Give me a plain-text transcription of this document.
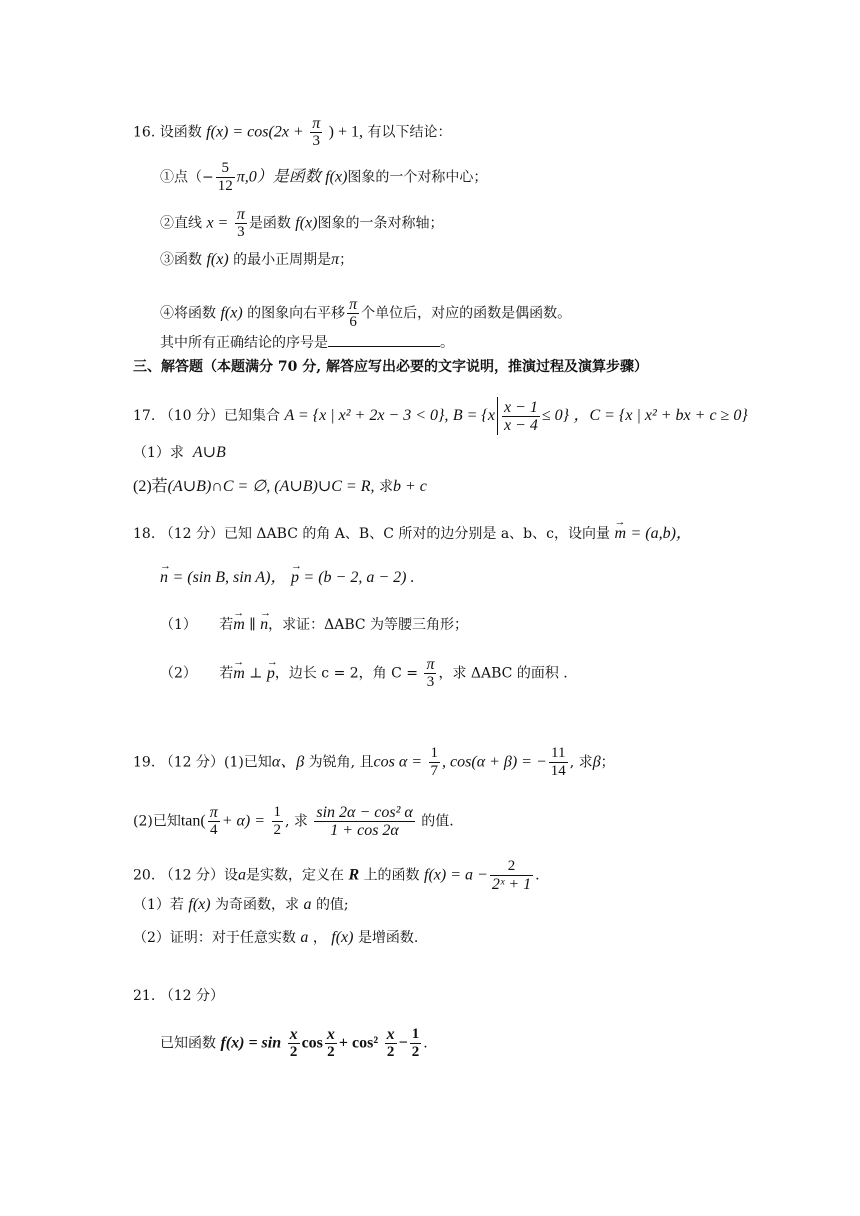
16. 设函数 $f(x) = \cos(2x + \frac{\pi}{3}$ ) + 1, 有以下结论：
①点（− $\frac{5}{12} \pi,0$）是函数 f(x)图象的一个对称中心；
②直线 $x = \frac{\pi}{3}$ 是函数 f(x)图象的一条对称轴；
③函数 f(x) 的最小正周期是π；
④将函数 f(x) 的图象向右平移 $\frac{\pi}{6}$ 个单位后，对应的函数是偶函数。
其中所有正确结论的序号是	。
三、解答题（本题满分 70 分, 解答应写出必要的文字说明，推演过程及演算步骤）
17. （10 分）已知集合 A = {x | x² + 2x − 3 < 0}, $B = \{x \frac{x - 1}{x - 4} \le 0\}$ ，C = {x | x² + bx + c ≥ 0}
（1）求 A∪B
(2)若(A∪B)∩C = ∅, (A∪B)∪C = R, 求b + c
18. （12 分）已知 ΔABC 的角 A、B、C 所对的边分别是 a、b、c，设向量 → m = (a,b)，
→ n = (sin B, sin A)， → p = (b − 2, a − 2) .
（1） 若→ m ∥ → n，求证：ΔABC 为等腰三角形；
（2） 若→ m ⊥ → p，边长 c = 2，角 $C = \frac{\pi}{3}$ ，求 ΔABC 的面积 .
19. （12 分）(1)已知α、β 为锐角, 且$\cos \alpha = \frac{1}{7}$ , cos(α + β) = − $\frac{11}{14}$ , 求β；
(2)已知$\tan( \frac{\pi}{4} + \alpha) = \frac{1}{2}$ , 求 $\frac{\text{sin 2α − cos² α}}{1 + \cos 2\alpha}$ 的值.
20. （12 分）设a是实数，定义在 R 上的函数 $f(x) = a - \frac{2}{\text{2ˣ + 1}}$ .
（1）若 f(x) 为奇函数，求 a 的值;
（2）证明：对于任意实数 a ， f(x) 是增函数.
21. （12 分）
已知函数 $f(x) = \sin \frac{x}{2}$ $\cos \frac{x}{2} + \cos^2 \frac{x}{2} - \frac{1}{2}$ .
